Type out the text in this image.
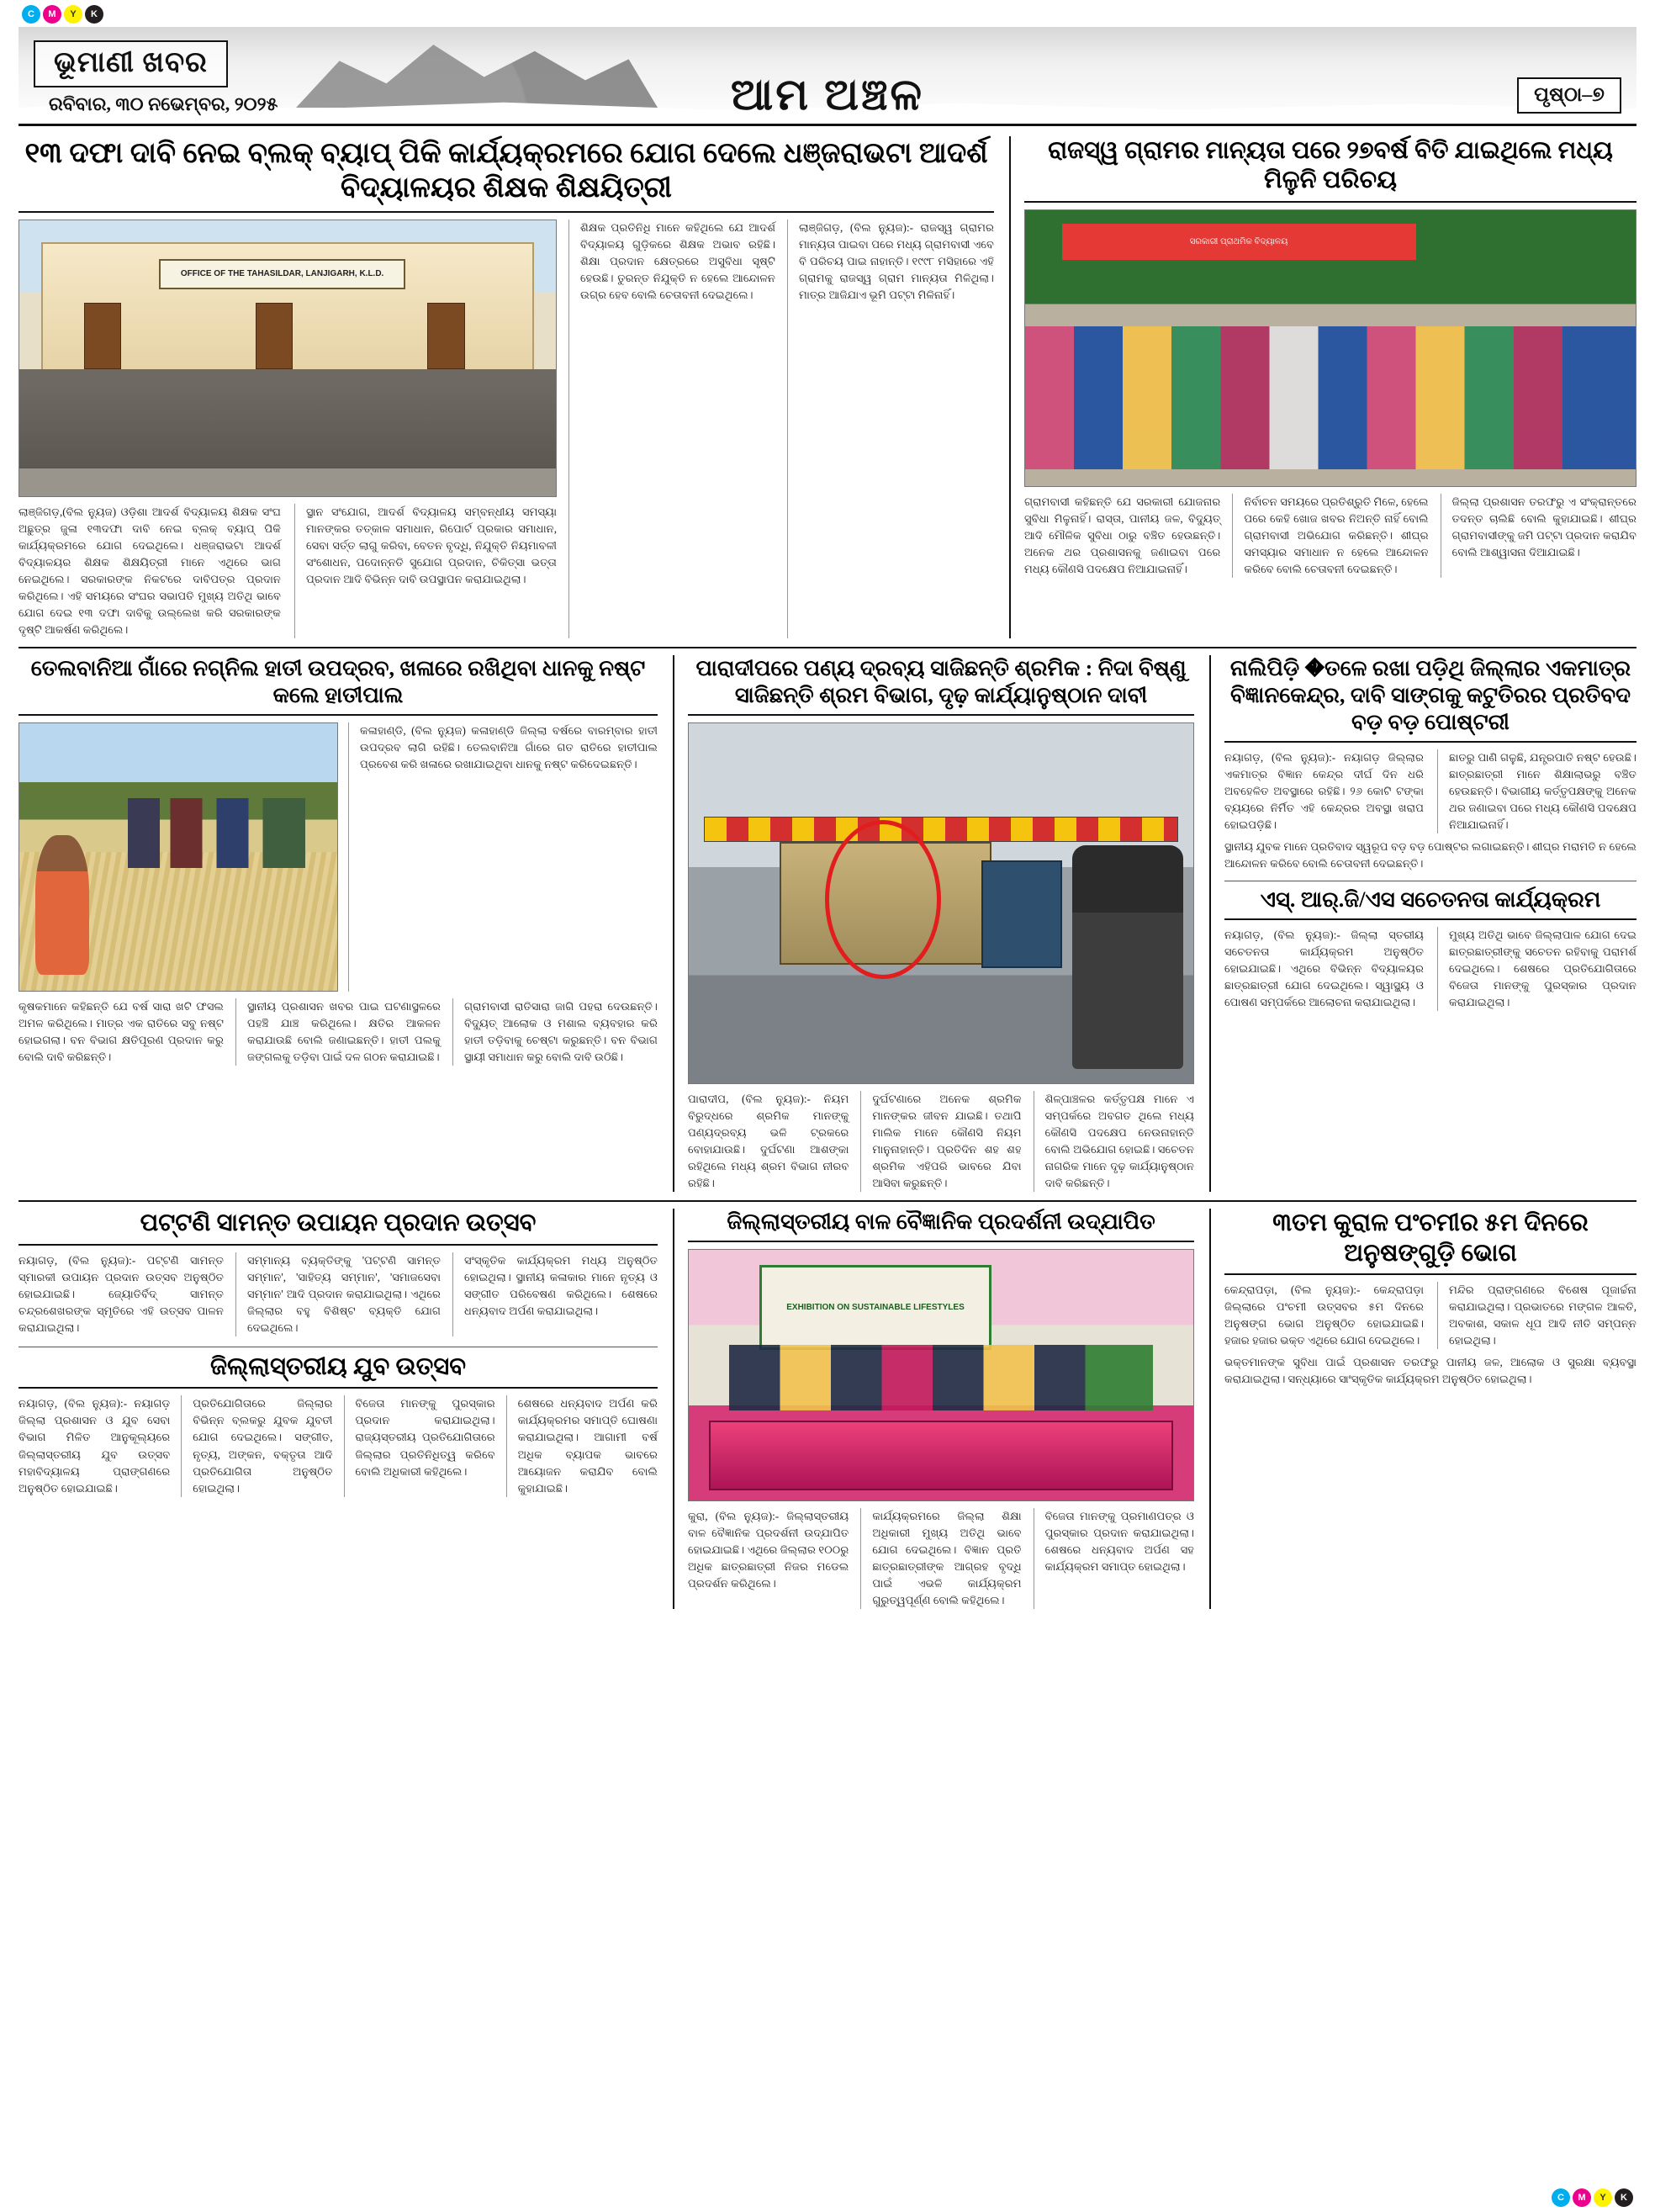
C	M	Y	K
ଭୂମାଣୀ ଖବର
ରବିବାର, ୩୦ ନଭେମ୍ବର, ୨୦୨୫	ଆମ ଅଞ୍ଚଳ	ପୃଷ୍ଠା–୭
୧୩ ଦଫା ଦାବି ନେଇ ବ୍ଲକ୍ ବ୍ୟାପ୍ ପିକି କାର୍ଯ୍ୟକ୍ରମରେ ଯୋଗ ଦେଲେ ଧଞ୍ଜରାଭଟା ଆଦର୍ଶ ବିଦ୍ୟାଳୟର ଶିକ୍ଷକ ଶିକ୍ଷୟିତ୍ରୀ
OFFICE OF THE TAHASILDAR, LANJIGARH, K.L.D.
ଲାଞ୍ଜିଗଡ଼,(ବିଲ ନ୍ୟୁଜ) ଓଡ଼ିଶା ଆଦର୍ଶ ବିଦ୍ୟାଳୟ ଶିକ୍ଷକ ସଂଘ ଅଛୁତ୍ର ଜୁଳା ୧୩ଦଫା ଦାବି ନେଇ ବ୍ଲକ୍ ବ୍ୟାପ୍ ପିକି କାର୍ଯ୍ୟକ୍ରମରେ ଯୋଗ ଦେଇଥିଲେ। ଧଞ୍ଜରାଭଟା ଆଦର୍ଶ ବିଦ୍ୟାଳୟର ଶିକ୍ଷକ ଶିକ୍ଷୟିତ୍ରୀ ମାନେ ଏଥିରେ ଭାଗ ନେଇଥିଲେ। ସରକାରଙ୍କ ନିକଟରେ ଦାବିପତ୍ର ପ୍ରଦାନ କରିଥିଲେ। ଏହି ସମୟରେ ସଂଘର ସଭାପତି ମୁଖ୍ୟ ଅତିଥି ଭାବେ ଯୋଗ ଦେଇ ୧୩ ଦଫା ଦାବିକୁ ଉଲ୍ଲେଖ କରି ସରକାରଙ୍କ ଦୃଷ୍ଟି ଆକର୍ଷଣ କରିଥିଲେ।
ସ୍ଥାନ ସଂଯୋଗ, ଆଦର୍ଶ ବିଦ୍ୟାଳୟ ସମ୍ବନ୍ଧୀୟ ସମସ୍ୟା ମାନଙ୍କର ତତ୍କାଳ ସମାଧାନ, ରିପୋର୍ଟ ପ୍ରକାର ସମାଧାନ, ସେବା ସର୍ତ୍ତ ଲାଗୁ କରିବା, ବେତନ ବୃଦ୍ଧି, ନିଯୁକ୍ତି ନିୟମାବଳୀ ସଂଶୋଧନ, ପଦୋନ୍ନତି ସୁଯୋଗ ପ୍ରଦାନ, ଚିକିତ୍ସା ଭତ୍ତା ପ୍ରଦାନ ଆଦି ବିଭିନ୍ନ ଦାବି ଉପସ୍ଥାପନ କରାଯାଇଥିଲା।
ଶିକ୍ଷକ ପ୍ରତିନିଧି ମାନେ କହିଥିଲେ ଯେ ଆଦର୍ଶ ବିଦ୍ୟାଳୟ ଗୁଡ଼ିକରେ ଶିକ୍ଷକ ଅଭାବ ରହିଛି। ଶିକ୍ଷା ପ୍ରଦାନ କ୍ଷେତ୍ରରେ ଅସୁବିଧା ସୃଷ୍ଟି ହେଉଛି। ତୁରନ୍ତ ନିଯୁକ୍ତି ନ ହେଲେ ଆନ୍ଦୋଳନ ଉଗ୍ର ହେବ ବୋଲି ଚେତାବନୀ ଦେଇଥିଲେ।
ଲାଞ୍ଜିଗଡ଼, (ବିଲ ନ୍ୟୁଜ):- ରାଜସ୍ୱ ଗ୍ରାମର ମାନ୍ୟତା ପାଇବା ପରେ ମଧ୍ୟ ଗ୍ରାମବାସୀ ଏବେ ବି ପରିଚୟ ପାଇ ନାହାନ୍ତି। ୧୯୯୮ ମସିହାରେ ଏହି ଗ୍ରାମକୁ ରାଜସ୍ୱ ଗ୍ରାମ ମାନ୍ୟତା ମିଳିଥିଲା। ମାତ୍ର ଆଜିଯାଏ ଭୂମି ପଟ୍ଟା ମିଳିନାହିଁ।
ରାଜସ୍ୱ ଗ୍ରାମର ମାନ୍ୟତା ପରେ ୨୭ବର୍ଷ ବିତି ଯାଇଥିଲେ ମଧ୍ୟ ମିଳୁନି ପରିଚୟ
ସରକାରୀ ପ୍ରାଥମିକ ବିଦ୍ୟାଳୟ
ଗ୍ରାମବାସୀ କହିଛନ୍ତି ଯେ ସରକାରୀ ଯୋଜନାର ସୁବିଧା ମିଳୁନାହିଁ। ରାସ୍ତା, ପାନୀୟ ଜଳ, ବିଦ୍ୟୁତ୍ ଆଦି ମୌଳିକ ସୁବିଧା ଠାରୁ ବଞ୍ଚିତ ହେଉଛନ୍ତି। ଅନେକ ଥର ପ୍ରଶାସନକୁ ଜଣାଇବା ପରେ ମଧ୍ୟ କୌଣସି ପଦକ୍ଷେପ ନିଆଯାଇନାହିଁ।
ନିର୍ବାଚନ ସମୟରେ ପ୍ରତିଶ୍ରୁତି ମିଳେ, ହେଲେ ପରେ କେହି ଖୋଜ ଖବର ନିଅନ୍ତି ନାହିଁ ବୋଲି ଗ୍ରାମବାସୀ ଅଭିଯୋଗ କରିଛନ୍ତି। ଶୀଘ୍ର ସମସ୍ୟାର ସମାଧାନ ନ ହେଲେ ଆନ୍ଦୋଳନ କରିବେ ବୋଲି ଚେତାବନୀ ଦେଇଛନ୍ତି।
ଜିଲ୍ଲା ପ୍ରଶାସନ ତରଫରୁ ଏ ସଂକ୍ରାନ୍ତରେ ତଦନ୍ତ ଚାଲିଛି ବୋଲି କୁହାଯାଇଛି। ଶୀଘ୍ର ଗ୍ରାମବାସୀଙ୍କୁ ଜମି ପଟ୍ଟା ପ୍ରଦାନ କରାଯିବ ବୋଲି ଆଶ୍ୱାସନା ଦିଆଯାଇଛି।
ତେଲବାନିଆ ଗାଁରେ ନଗ୍ନିଲ ହାତୀ ଉପଦ୍ରବ, ଖଳାରେ ରଖିଥିବା ଧାନକୁ ନଷ୍ଟ କଲେ ହାତୀପାଲ
କଳାହାଣ୍ଡି, (ବିଲ ନ୍ୟୁଜ) କଳାହାଣ୍ଡି ଜିଲ୍ଲା ବର୍ଷରେ ବାରମ୍ବାର ହାତୀ ଉପଦ୍ରବ ଲାଗି ରହିଛି। ତେଲବାନିଆ ଗାଁରେ ଗତ ରାତିରେ ହାତୀପାଲ ପ୍ରବେଶ କରି ଖଳାରେ ରଖାଯାଇଥିବା ଧାନକୁ ନଷ୍ଟ କରିଦେଇଛନ୍ତି।
କୃଷକମାନେ କହିଛନ୍ତି ଯେ ବର୍ଷ ସାରା ଖଟି ଫସଲ ଅମଳ କରିଥିଲେ। ମାତ୍ର ଏକ ରାତିରେ ସବୁ ନଷ୍ଟ ହୋଇଗଲା। ବନ ବିଭାଗ କ୍ଷତିପୂରଣ ପ୍ରଦାନ କରୁ ବୋଲି ଦାବି କରିଛନ୍ତି।
ସ୍ଥାନୀୟ ପ୍ରଶାସନ ଖବର ପାଇ ଘଟଣାସ୍ଥଳରେ ପହଞ୍ଚି ଯାଞ୍ଚ କରିଥିଲେ। କ୍ଷତିର ଆକଳନ କରାଯାଉଛି ବୋଲି ଜଣାଇଛନ୍ତି। ହାତୀ ପଲକୁ ଜଙ୍ଗଲକୁ ତଡ଼ିବା ପାଇଁ ଦଳ ଗଠନ କରାଯାଇଛି।
ଗ୍ରାମବାସୀ ରାତିସାରା ଜାଗି ପହରା ଦେଉଛନ୍ତି। ବିଦ୍ୟୁତ୍ ଆଲୋକ ଓ ମଶାଲ ବ୍ୟବହାର କରି ହାତୀ ତଡ଼ିବାକୁ ଚେଷ୍ଟା କରୁଛନ୍ତି। ବନ ବିଭାଗ ସ୍ଥାୟୀ ସମାଧାନ କରୁ ବୋଲି ଦାବି ଉଠିଛି।
ପାରାଦୀପରେ ପଣ୍ୟ ଦ୍ରବ୍ୟ ସାଜିଛନ୍ତି ଶ୍ରମିକ : ନିଦା ବିଷ୍ଣୁ ସାଜିଛନ୍ତି ଶ୍ରମ ବିଭାଗ, ଦୃଢ଼ କାର୍ଯ୍ୟାନୁଷ୍ଠାନ ଦାବୀ
ପାରାଦୀପ, (ବିଲ ନ୍ୟୁଜ):- ନିୟମ ବିରୁଦ୍ଧରେ ଶ୍ରମିକ ମାନଙ୍କୁ ପଣ୍ୟଦ୍ରବ୍ୟ ଭଳି ଟ୍ରକରେ ବୋହାଯାଉଛି। ଦୁର୍ଘଟଣା ଆଶଙ୍କା ରହିଥିଲେ ମଧ୍ୟ ଶ୍ରମ ବିଭାଗ ନୀରବ ରହିଛି।
ଦୁର୍ଘଟଣାରେ ଅନେକ ଶ୍ରମିକ ମାନଙ୍କର ଜୀବନ ଯାଇଛି। ତଥାପି ମାଲିକ ମାନେ କୌଣସି ନିୟମ ମାନୁନାହାନ୍ତି। ପ୍ରତିଦିନ ଶହ ଶହ ଶ୍ରମିକ ଏହିପରି ଭାବରେ ଯିବା ଆସିବା କରୁଛନ୍ତି।
ଶିଳ୍ପାଞ୍ଚଳର କର୍ତ୍ତୃପକ୍ଷ ମାନେ ଏ ସମ୍ପର୍କରେ ଅବଗତ ଥିଲେ ମଧ୍ୟ କୌଣସି ପଦକ୍ଷେପ ନେଉନାହାନ୍ତି ବୋଲି ଅଭିଯୋଗ ହୋଇଛି। ସଚେତନ ନାଗରିକ ମାନେ ଦୃଢ଼ କାର୍ଯ୍ୟାନୁଷ୍ଠାନ ଦାବି କରିଛନ୍ତି।
ନାଲିପିଡ଼ି �ତଳେ ରଖା ପଡ଼ିଥି ଜିଲ୍ଲାର ଏକମାତ୍ର ବିଜ୍ଞାନକେନ୍ଦ୍ର, ଦାବି ସାଙ୍ଗକୁ କଟୁତିରର ପ୍ରତିବଦ ବଡ଼ ବଡ଼ ପୋଷ୍ଟରୀ
ନୟାଗଡ଼, (ବିଲ ନ୍ୟୁଜ):- ନୟାଗଡ଼ ଜିଲ୍ଲାର ଏକମାତ୍ର ବିଜ୍ଞାନ କେନ୍ଦ୍ର ଦୀର୍ଘ ଦିନ ଧରି ଅବହେଳିତ ଅବସ୍ଥାରେ ରହିଛି। ୨୬ କୋଟି ଟଙ୍କା ବ୍ୟୟରେ ନିର୍ମିତ ଏହି କେନ୍ଦ୍ରର ଅବସ୍ଥା ଖରାପ ହୋଇପଡ଼ିଛି।
ଛାତରୁ ପାଣି ଗଳୁଛି, ଯନ୍ତ୍ରପାତି ନଷ୍ଟ ହେଉଛି। ଛାତ୍ରଛାତ୍ରୀ ମାନେ ଶିକ୍ଷାଲାଭରୁ ବଞ୍ଚିତ ହେଉଛନ୍ତି। ବିଭାଗୀୟ କର୍ତ୍ତୃପକ୍ଷଙ୍କୁ ଅନେକ ଥର ଜଣାଇବା ପରେ ମଧ୍ୟ କୌଣସି ପଦକ୍ଷେପ ନିଆଯାଇନାହିଁ।
ସ୍ଥାନୀୟ ଯୁବକ ମାନେ ପ୍ରତିବାଦ ସ୍ୱରୂପ ବଡ଼ ବଡ଼ ପୋଷ୍ଟର ଲଗାଇଛନ୍ତି। ଶୀଘ୍ର ମରାମତି ନ ହେଲେ ଆନ୍ଦୋଳନ କରିବେ ବୋଲି ଚେତାବନୀ ଦେଇଛନ୍ତି।
ଏସ୍. ଆର୍.ଜି/ଏସ ସଚେତନତା କାର୍ଯ୍ୟକ୍ରମ
ନୟାଗଡ଼, (ବିଲ ନ୍ୟୁଜ):- ଜିଲ୍ଲା ସ୍ତରୀୟ ସଚେତନତା କାର୍ଯ୍ୟକ୍ରମ ଅନୁଷ୍ଠିତ ହୋଇଯାଇଛି। ଏଥିରେ ବିଭିନ୍ନ ବିଦ୍ୟାଳୟର ଛାତ୍ରଛାତ୍ରୀ ଯୋଗ ଦେଇଥିଲେ। ସ୍ୱାସ୍ଥ୍ୟ ଓ ପୋଷଣ ସମ୍ପର୍କରେ ଆଲୋଚନା କରାଯାଇଥିଲା।
ମୁଖ୍ୟ ଅତିଥି ଭାବେ ଜିଲ୍ଲାପାଳ ଯୋଗ ଦେଇ ଛାତ୍ରଛାତ୍ରୀଙ୍କୁ ସଚେତନ ରହିବାକୁ ପରାମର୍ଶ ଦେଇଥିଲେ। ଶେଷରେ ପ୍ରତିଯୋଗିତାରେ ବିଜେତା ମାନଙ୍କୁ ପୁରସ୍କାର ପ୍ରଦାନ କରାଯାଇଥିଲା।
ପଟ୍ଟଣି ସାମନ୍ତ ଉପାୟନ ପ୍ରଦାନ ଉତ୍ସବ
ନୟାଗଡ଼, (ବିଲ ନ୍ୟୁଜ):- ପଟ୍ଟଣି ସାମନ୍ତ ସ୍ମାରକୀ ଉପାୟନ ପ୍ରଦାନ ଉତ୍ସବ ଅନୁଷ୍ଠିତ ହୋଇଯାଇଛି। ଜ୍ୟୋତିର୍ବିଦ୍ ସାମନ୍ତ ଚନ୍ଦ୍ରଶେଖରଙ୍କ ସ୍ମୃତିରେ ଏହି ଉତ୍ସବ ପାଳନ କରାଯାଇଥିଲା।
ସମ୍ମାନ୍ୟ ବ୍ୟକ୍ତିଙ୍କୁ 'ପଟ୍ଟଣି ସାମନ୍ତ ସମ୍ମାନ', 'ସାହିତ୍ୟ ସମ୍ମାନ', 'ସମାଜସେବା ସମ୍ମାନ' ଆଦି ପ୍ରଦାନ କରାଯାଇଥିଲା। ଏଥିରେ ଜିଲ୍ଲାର ବହୁ ବିଶିଷ୍ଟ ବ୍ୟକ୍ତି ଯୋଗ ଦେଇଥିଲେ।
ସଂସ୍କୃତିକ କାର୍ଯ୍ୟକ୍ରମ ମଧ୍ୟ ଅନୁଷ୍ଠିତ ହୋଇଥିଲା। ସ୍ଥାନୀୟ କଳାକାର ମାନେ ନୃତ୍ୟ ଓ ସଙ୍ଗୀତ ପରିବେଷଣ କରିଥିଲେ। ଶେଷରେ ଧନ୍ୟବାଦ ଅର୍ପଣ କରାଯାଇଥିଲା।
ଜିଲ୍ଲାସ୍ତରୀୟ ଯୁବ ଉତ୍ସବ
ନୟାଗଡ଼, (ବିଲ ନ୍ୟୁଜ):- ନୟାଗଡ଼ ଜିଲ୍ଲା ପ୍ରଶାସନ ଓ ଯୁବ ସେବା ବିଭାଗ ମିଳିତ ଆନୁକୂଲ୍ୟରେ ଜିଲ୍ଲାସ୍ତରୀୟ ଯୁବ ଉତ୍ସବ ମହାବିଦ୍ୟାଳୟ ପ୍ରାଙ୍ଗଣରେ ଅନୁଷ୍ଠିତ ହୋଇଯାଇଛି।
ପ୍ରତିଯୋଗିତାରେ ଜିଲ୍ଲାର ବିଭିନ୍ନ ବ୍ଲକରୁ ଯୁବକ ଯୁବତୀ ଯୋଗ ଦେଇଥିଲେ। ସଙ୍ଗୀତ, ନୃତ୍ୟ, ଅଙ୍କନ, ବକ୍ତୃତା ଆଦି ପ୍ରତିଯୋଗିତା ଅନୁଷ୍ଠିତ ହୋଇଥିଲା।
ବିଜେତା ମାନଙ୍କୁ ପୁରସ୍କାର ପ୍ରଦାନ କରାଯାଇଥିଲା। ରାଜ୍ୟସ୍ତରୀୟ ପ୍ରତିଯୋଗିତାରେ ଜିଲ୍ଲାର ପ୍ରତିନିଧିତ୍ୱ କରିବେ ବୋଲି ଅଧିକାରୀ କହିଥିଲେ।
ଶେଷରେ ଧନ୍ୟବାଦ ଅର୍ପଣ କରି କାର୍ଯ୍ୟକ୍ରମର ସମାପ୍ତି ଘୋଷଣା କରାଯାଇଥିଲା। ଆଗାମୀ ବର୍ଷ ଅଧିକ ବ୍ୟାପକ ଭାବରେ ଆୟୋଜନ କରାଯିବ ବୋଲି କୁହାଯାଇଛି।
ଜିଲ୍ଲାସ୍ତରୀୟ ବାଳ ବୈଜ୍ଞାନିକ ପ୍ରଦର୍ଶନୀ ଉଦ୍‌ଯାପିତ
EXHIBITION ON SUSTAINABLE LIFESTYLES
କୁରା, (ବିଲ ନ୍ୟୁଜ):- ଜିଲ୍ଲାସ୍ତରୀୟ ବାଳ ବୈଜ୍ଞାନିକ ପ୍ରଦର୍ଶନୀ ଉଦ୍‌ଯାପିତ ହୋଇଯାଇଛି। ଏଥିରେ ଜିଲ୍ଲାର ୧୦୦ରୁ ଅଧିକ ଛାତ୍ରଛାତ୍ରୀ ନିଜର ମଡେଲ ପ୍ରଦର୍ଶନ କରିଥିଲେ।
କାର୍ଯ୍ୟକ୍ରମରେ ଜିଲ୍ଲା ଶିକ୍ଷା ଅଧିକାରୀ ମୁଖ୍ୟ ଅତିଥି ଭାବେ ଯୋଗ ଦେଇଥିଲେ। ବିଜ୍ଞାନ ପ୍ରତି ଛାତ୍ରଛାତ୍ରୀଙ୍କ ଆଗ୍ରହ ବୃଦ୍ଧି ପାଇଁ ଏଭଳି କାର୍ଯ୍ୟକ୍ରମ ଗୁରୁତ୍ୱପୂର୍ଣ୍ଣ ବୋଲି କହିଥିଲେ।
ବିଜେତା ମାନଙ୍କୁ ପ୍ରମାଣପତ୍ର ଓ ପୁରସ୍କାର ପ୍ରଦାନ କରାଯାଇଥିଲା। ଶେଷରେ ଧନ୍ୟବାଦ ଅର୍ପଣ ସହ କାର୍ଯ୍ୟକ୍ରମ ସମାପ୍ତ ହୋଇଥିଲା।
୩ତମ କୁରାଳ ପଂଚମୀର ୫ମ ଦିନରେ ଅନୁଷଙ୍ଗୁଡ଼ି ଭୋଗ
କେନ୍ଦ୍ରାପଡ଼ା, (ବିଲ ନ୍ୟୁଜ):- କେନ୍ଦ୍ରାପଡ଼ା ଜିଲ୍ଲାରେ ପଂଚମୀ ଉତ୍ସବର ୫ମ ଦିନରେ ଅନୁଷଙ୍ଗ ଭୋଗ ଅନୁଷ୍ଠିତ ହୋଇଯାଇଛି। ହଜାର ହଜାର ଭକ୍ତ ଏଥିରେ ଯୋଗ ଦେଇଥିଲେ।
ମନ୍ଦିର ପ୍ରାଙ୍ଗଣରେ ବିଶେଷ ପୂଜାର୍ଚ୍ଚନା କରାଯାଇଥିଲା। ପ୍ରଭାତରେ ମଙ୍ଗଳ ଆଳତି, ଅବକାଶ, ସକାଳ ଧୂପ ଆଦି ନୀତି ସମ୍ପନ୍ନ ହୋଇଥିଲା।
ଭକ୍ତମାନଙ୍କ ସୁବିଧା ପାଇଁ ପ୍ରଶାସନ ତରଫରୁ ପାନୀୟ ଜଳ, ଆଲୋକ ଓ ସୁରକ୍ଷା ବ୍ୟବସ୍ଥା କରାଯାଇଥିଲା। ସନ୍ଧ୍ୟାରେ ସାଂସ୍କୃତିକ କାର୍ଯ୍ୟକ୍ରମ ଅନୁଷ୍ଠିତ ହୋଇଥିଲା।
C	M	Y	K
